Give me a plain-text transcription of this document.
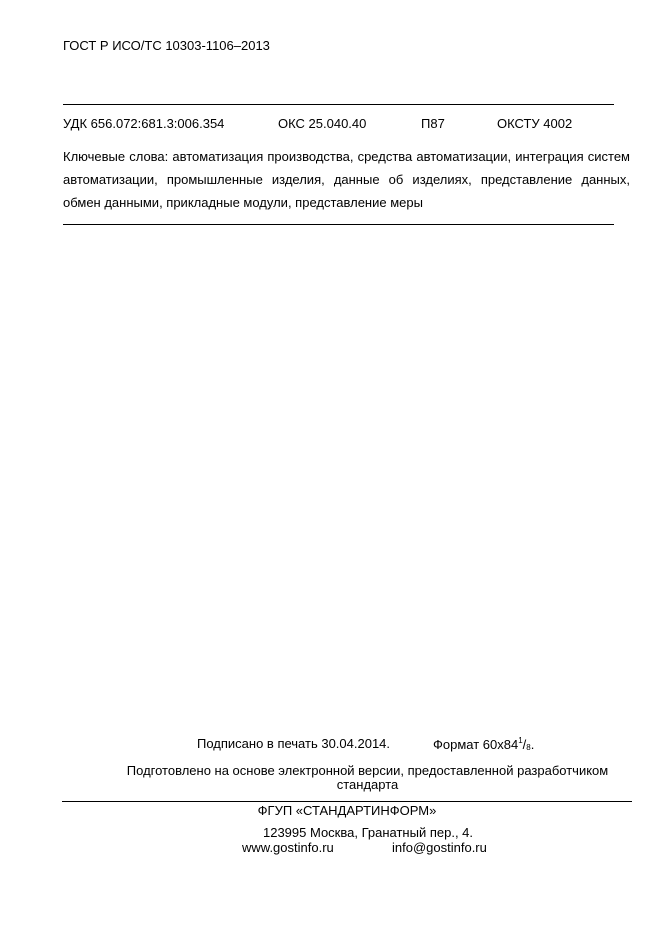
ГОСТ Р ИСО/ТС 10303-1106–2013
УДК 656.072:681.3:006.354	ОКС 25.040.40	П87	ОКСТУ 4002
Ключевые слова: автоматизация производства, средства автоматизации, интеграция систем автоматизации, промышленные изделия, данные об изделиях, представление данных, обмен данными, прикладные модули, представление меры
Подписано в печать 30.04.2014.	Формат $60x84^1/_8$.
Подготовлено на основе электронной версии, предоставленной разработчиком стандарта
ФГУП «СТАНДАРТИНФОРМ»
123995 Москва, Гранатный пер., 4.
www.gostinfo.ru	info@gostinfo.ru
